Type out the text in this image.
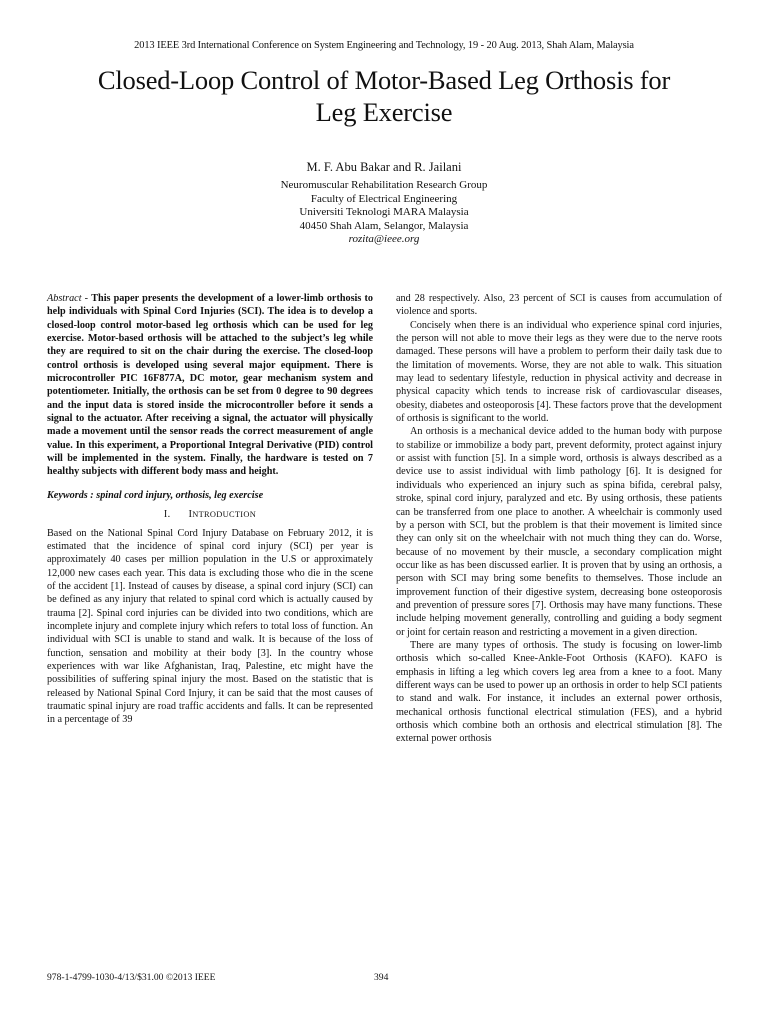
2013 IEEE 3rd International Conference on System Engineering and Technology, 19 - 20 Aug. 2013, Shah Alam, Malaysia
Closed-Loop Control of Motor-Based Leg Orthosis for
Leg Exercise
M. F. Abu Bakar and R. Jailani
Neuromuscular Rehabilitation Research Group
Faculty of Electrical Engineering
Universiti Teknologi MARA Malaysia
40450 Shah Alam, Selangor, Malaysia
rozita@ieee.org

Abstract - This paper presents the development of a lower-limb orthosis to help individuals with Spinal Cord Injuries (SCI). The idea is to develop a closed-loop control motor-based leg orthosis which can be used for leg exercise. Motor-based orthosis will be attached to the subject’s leg while they are required to sit on the chair during the exercise. The closed-loop control orthosis is developed using several major equipment. There is microcontroller PIC 16F877A, DC motor, gear mechanism system and potentiometer. Initially, the orthosis can be set from 0 degree to 90 degrees and the input data is stored inside the microcontroller before it sends a signal to the actuator. After receiving a signal, the actuator will physically made a movement until the sensor reads the correct measurement of angle value. In this experiment, a Proportional Integral Derivative (PID) control will be implemented in the system. Finally, the hardware is tested on 7 healthy subjects with different body mass and height.

Keywords : spinal cord injury, orthosis, leg exercise

I. INTRODUCTION

Based on the National Spinal Cord Injury Database on February 2012, it is estimated that the incidence of spinal cord injury (SCI) per year is approximately 40 cases per million population in the U.S or approximately 12,000 new cases each year. This data is excluding those who die in the scene of the accident [1]. Instead of causes by disease, a spinal cord injury (SCI) can be defined as any injury that related to spinal cord which is actually caused by trauma [2]. Spinal cord injuries can be divided into two conditions, which are incomplete injury and complete injury which refers to total loss of function. An individual with SCI is unable to stand and walk. It is because of the loss of function, sensation and mobility at their body [3]. In the country whose experiences with war like Afghanistan, Iraq, Palestine, etc might have the possibilities of suffering spinal injury the most. Based on the statistic that is released by National Spinal Cord Injury, it can be said that the most causes of traumatic spinal injury are road traffic accidents and falls. It can be represented in a percentage of 39

and 28 respectively. Also, 23 percent of SCI is causes from accumulation of violence and sports.

Concisely when there is an individual who experience spinal cord injuries, the person will not able to move their legs as they were due to the nerve roots damaged. These persons will have a problem to perform their daily task due to the limitation of movements. Worse, they are not able to walk. This situation may lead to sedentary lifestyle, reduction in physical activity and decrease in physical capacity which tends to increase risk of cardiovascular diseases, obesity, diabetes and osteoporosis [4]. These factors prove that the development of orthosis is significant to the world.

An orthosis is a mechanical device added to the human body with purpose to stabilize or immobilize a body part, prevent deformity, protect against injury or assist with function [5]. In a simple word, orthosis is always described as a device use to assist individual with limb pathology [6]. It is designed for individuals who experienced an injury such as spina bifida, cerebral palsy, stroke, spinal cord injury, paralyzed and etc. By using orthosis, these patients can be transferred from one place to another. A wheelchair is commonly used by a person with SCI, but the problem is that their movement is limited since they can only sit on the wheelchair with not much thing they can do. Worse, because of no movement by their muscle, a secondary complication might occur like as has been discussed earlier. It is proven that by using an orthosis, a person with SCI may bring some benefits to themselves. Those include an improvement function of their digestive system, decreasing bone osteoporosis and prevention of pressure sores [7]. Orthosis may have many functions. These include helping movement generally, controlling and guiding a body segment or joint for certain reason and restricting a movement in a given direction.

There are many types of orthosis. The study is focusing on lower-limb orthosis which so-called Knee-Ankle-Foot Orthosis (KAFO). KAFO is emphasis in lifting a leg which covers leg area from a knee to a foot. Many different ways can be used to power up an orthosis in order to help SCI patients to stand and walk. For instance, it includes an external power orthosis, mechanical orthosis functional electrical stimulation (FES), and a hybrid orthosis which combine both an orthosis and electrical stimulation [8]. The external power orthosis

978-1-4799-1030-4/13/$31.00 ©2013 IEEE	394
